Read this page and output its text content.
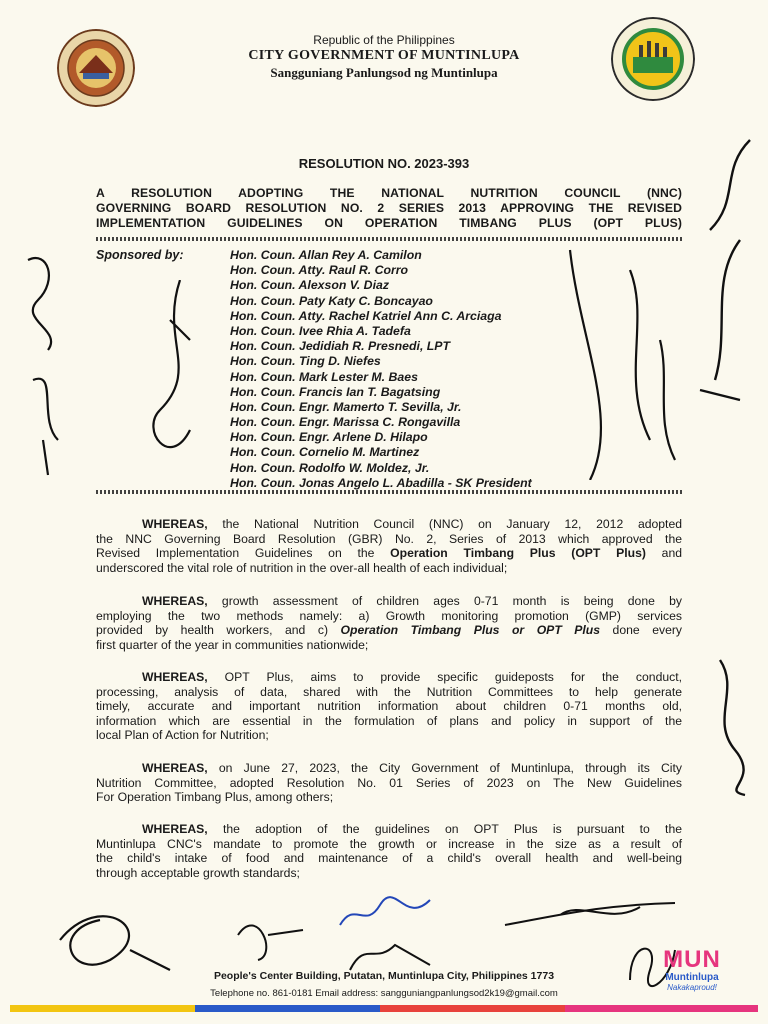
Republic of the Philippines
CITY GOVERNMENT OF MUNTINLUPA
Sangguniang Panlungsod ng Muntinlupa
RESOLUTION NO. 2023-393
A RESOLUTION ADOPTING THE NATIONAL NUTRITION COUNCIL (NNC)
GOVERNING BOARD RESOLUTION NO. 2 SERIES 2013 APPROVING THE REVISED
IMPLEMENTATION GUIDELINES ON OPERATION TIMBANG PLUS (OPT PLUS)
Sponsored by:	Hon. Coun. Allan Rey A. Camilon
Hon. Coun. Atty. Raul R. Corro
Hon. Coun. Alexson V. Diaz
Hon. Coun. Paty Katy C. Boncayao
Hon. Coun. Atty. Rachel Katriel Ann C. Arciaga
Hon. Coun. Ivee Rhia A. Tadefa
Hon. Coun. Jedidiah R. Presnedi, LPT
Hon. Coun. Ting D. Niefes
Hon. Coun. Mark Lester M. Baes
Hon. Coun. Francis Ian T. Bagatsing
Hon. Coun. Engr. Mamerto T. Sevilla, Jr.
Hon. Coun. Engr. Marissa C. Rongavilla
Hon. Coun. Engr. Arlene D. Hilapo
Hon. Coun. Cornelio M. Martinez
Hon. Coun. Rodolfo W. Moldez, Jr.
Hon. Coun. Jonas Angelo L. Abadilla - SK President
WHEREAS, the National Nutrition Council (NNC) on January 12, 2012 adopted
the NNC Governing Board Resolution (GBR) No. 2, Series of 2013 which approved the
Revised Implementation Guidelines on the Operation Timbang Plus (OPT Plus) and
underscored the vital role of nutrition in the over-all health of each individual;
WHEREAS, growth assessment of children ages 0-71 month is being done by
employing the two methods namely: a) Growth monitoring promotion (GMP) services
provided by health workers, and c) Operation Timbang Plus or OPT Plus done every
first quarter of the year in communities nationwide;
WHEREAS, OPT Plus, aims to provide specific guideposts for the conduct,
processing, analysis of data, shared with the Nutrition Committees to help generate
timely, accurate and important nutrition information about children 0-71 months old,
information which are essential in the formulation of plans and policy in support of the
local Plan of Action for Nutrition;
WHEREAS, on June 27, 2023, the City Government of Muntinlupa, through its City
Nutrition Committee, adopted Resolution No. 01 Series of 2023 on The New Guidelines
For Operation Timbang Plus, among others;
WHEREAS, the adoption of the guidelines on OPT Plus is pursuant to the
Muntinlupa CNC's mandate to promote the growth or increase in the size as a result of
the child's intake of food and maintenance of a child's overall health and well-being
through acceptable growth standards;
MUN
Muntinlupa
Nakakaproud!
People's Center Building, Putatan, Muntinlupa City, Philippines 1773
Telephone no. 861-0181 Email address: sangguniangpanlungsod2k19@gmail.com
